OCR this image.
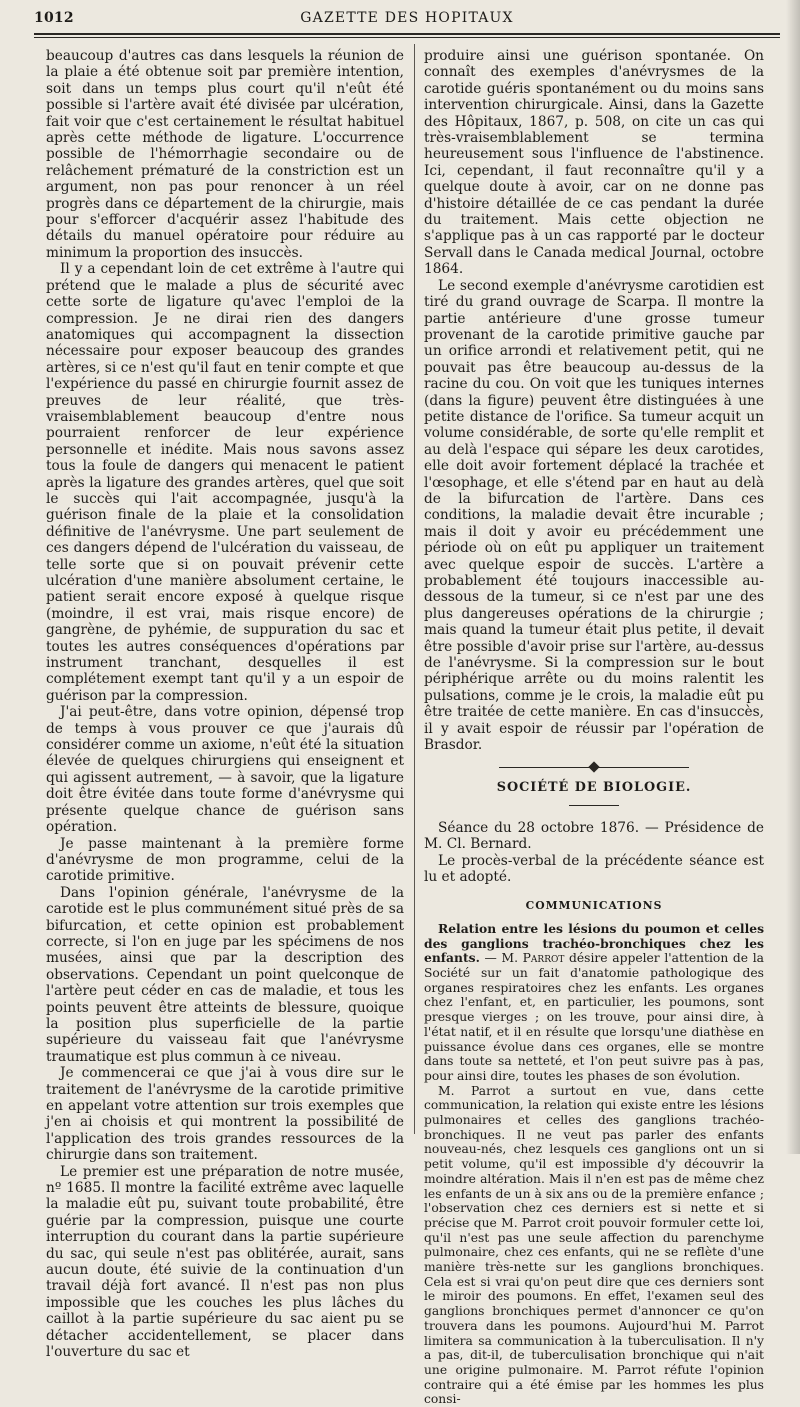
1012	GAZETTE DES HOPITAUX

beaucoup d'autres cas dans lesquels la réunion de la plaie a été obtenue soit par première intention, soit dans un temps plus court qu'il n'eût été possible si l'artère avait été divisée par ulcération, fait voir que c'est certainement le résultat habituel après cette méthode de ligature. L'occurrence possible de l'hémorrhagie secondaire ou de relâchement prématuré de la constriction est un argument, non pas pour renoncer à un réel progrès dans ce département de la chirurgie, mais pour s'efforcer d'acquérir assez l'habitude des détails du manuel opératoire pour réduire au minimum la proportion des insuccès.

Il y a cependant loin de cet extrême à l'autre qui prétend que le malade a plus de sécurité avec cette sorte de ligature qu'avec l'emploi de la compression. Je ne dirai rien des dangers anatomiques qui accompagnent la dissection nécessaire pour exposer beaucoup des grandes artères, si ce n'est qu'il faut en tenir compte et que l'expérience du passé en chirurgie fournit assez de preuves de leur réalité, que très-vraisemblablement beaucoup d'entre nous pourraient renforcer de leur expérience personnelle et inédite. Mais nous savons assez tous la foule de dangers qui menacent le patient après la ligature des grandes artères, quel que soit le succès qui l'ait accompagnée, jusqu'à la guérison finale de la plaie et la consolidation définitive de l'anévrysme. Une part seulement de ces dangers dépend de l'ulcération du vaisseau, de telle sorte que si on pouvait prévenir cette ulcération d'une manière absolument certaine, le patient serait encore exposé à quelque risque (moindre, il est vrai, mais risque encore) de gangrène, de pyhémie, de suppuration du sac et toutes les autres conséquences d'opérations par instrument tranchant, desquelles il est complétement exempt tant qu'il y a un espoir de guérison par la compression.

J'ai peut-être, dans votre opinion, dépensé trop de temps à vous prouver ce que j'aurais dû considérer comme un axiome, n'eût été la situation élevée de quelques chirurgiens qui enseignent et qui agissent autrement, — à savoir, que la ligature doit être évitée dans toute forme d'anévrysme qui présente quelque chance de guérison sans opération.

Je passe maintenant à la première forme d'anévrysme de mon programme, celui de la carotide primitive.

Dans l'opinion générale, l'anévrysme de la carotide est le plus communément situé près de sa bifurcation, et cette opinion est probablement correcte, si l'on en juge par les spécimens de nos musées, ainsi que par la description des observations. Cependant un point quelconque de l'artère peut céder en cas de maladie, et tous les points peuvent être atteints de blessure, quoique la position plus superficielle de la partie supérieure du vaisseau fait que l'anévrysme traumatique est plus commun à ce niveau.

Je commencerai ce que j'ai à vous dire sur le traitement de l'anévrysme de la carotide primitive en appelant votre attention sur trois exemples que j'en ai choisis et qui montrent la possibilité de l'application des trois grandes ressources de la chirurgie dans son traitement.

Le premier est une préparation de notre musée, nº 1685. Il montre la facilité extrême avec laquelle la maladie eût pu, suivant toute probabilité, être guérie par la compression, puisque une courte interruption du courant dans la partie supérieure du sac, qui seule n'est pas oblitérée, aurait, sans aucun doute, été suivie de la continuation d'un travail déjà fort avancé. Il n'est pas non plus impossible que les couches les plus lâches du caillot à la partie supérieure du sac aient pu se détacher accidentellement, se placer dans l'ouverture du sac et

produire ainsi une guérison spontanée. On connaît des exemples d'anévrysmes de la carotide guéris spontanément ou du moins sans intervention chirurgicale. Ainsi, dans la Gazette des Hôpitaux, 1867, p. 508, on cite un cas qui très-vraisemblablement se termina heureusement sous l'influence de l'abstinence. Ici, cependant, il faut reconnaître qu'il y a quelque doute à avoir, car on ne donne pas d'histoire détaillée de ce cas pendant la durée du traitement. Mais cette objection ne s'applique pas à un cas rapporté par le docteur Servall dans le Canada medical Journal, octobre 1864.

Le second exemple d'anévrysme carotidien est tiré du grand ouvrage de Scarpa. Il montre la partie antérieure d'une grosse tumeur provenant de la carotide primitive gauche par un orifice arrondi et relativement petit, qui ne pouvait pas être beaucoup au-dessus de la racine du cou. On voit que les tuniques internes (dans la figure) peuvent être distinguées à une petite distance de l'orifice. Sa tumeur acquit un volume considérable, de sorte qu'elle remplit et au delà l'espace qui sépare les deux carotides, elle doit avoir fortement déplacé la trachée et l'œsophage, et elle s'étend par en haut au delà de la bifurcation de l'artère. Dans ces conditions, la maladie devait être incurable ; mais il doit y avoir eu précédemment une période où on eût pu appliquer un traitement avec quelque espoir de succès. L'artère a probablement été toujours inaccessible au-dessous de la tumeur, si ce n'est par une des plus dangereuses opérations de la chirurgie ; mais quand la tumeur était plus petite, il devait être possible d'avoir prise sur l'artère, au-dessus de l'anévrysme. Si la compression sur le bout périphérique arrête ou du moins ralentit les pulsations, comme je le crois, la maladie eût pu être traitée de cette manière. En cas d'insuccès, il y avait espoir de réussir par l'opération de Brasdor.

SOCIÉTÉ DE BIOLOGIE.

Séance du 28 octobre 1876. — Présidence de M. Cl. Bernard.

Le procès-verbal de la précédente séance est lu et adopté.

COMMUNICATIONS

Relation entre les lésions du poumon et celles des ganglions trachéo-bronchiques chez les enfants. — M. Parrot désire appeler l'attention de la Société sur un fait d'anatomie pathologique des organes respiratoires chez les enfants. Les organes chez l'enfant, et, en particulier, les poumons, sont presque vierges ; on les trouve, pour ainsi dire, à l'état natif, et il en résulte que lorsqu'une diathèse en puissance évolue dans ces organes, elle se montre dans toute sa netteté, et l'on peut suivre pas à pas, pour ainsi dire, toutes les phases de son évolution.

M. Parrot a surtout en vue, dans cette communication, la relation qui existe entre les lésions pulmonaires et celles des ganglions trachéo-bronchiques. Il ne veut pas parler des enfants nouveau-nés, chez lesquels ces ganglions ont un si petit volume, qu'il est impossible d'y découvrir la moindre altération. Mais il n'en est pas de même chez les enfants de un à six ans ou de la première enfance ; l'observation chez ces derniers est si nette et si précise que M. Parrot croit pouvoir formuler cette loi, qu'il n'est pas une seule affection du parenchyme pulmonaire, chez ces enfants, qui ne se reflète d'une manière très-nette sur les ganglions bronchiques. Cela est si vrai qu'on peut dire que ces derniers sont le miroir des poumons. En effet, l'examen seul des ganglions bronchiques permet d'annoncer ce qu'on trouvera dans les poumons. Aujourd'hui M. Parrot limitera sa communication à la tuberculisation. Il n'y a pas, dit-il, de tuberculisation bronchique qui n'ait une origine pulmonaire. M. Parrot réfute l'opinion contraire qui a été émise par les hommes les plus consi-
